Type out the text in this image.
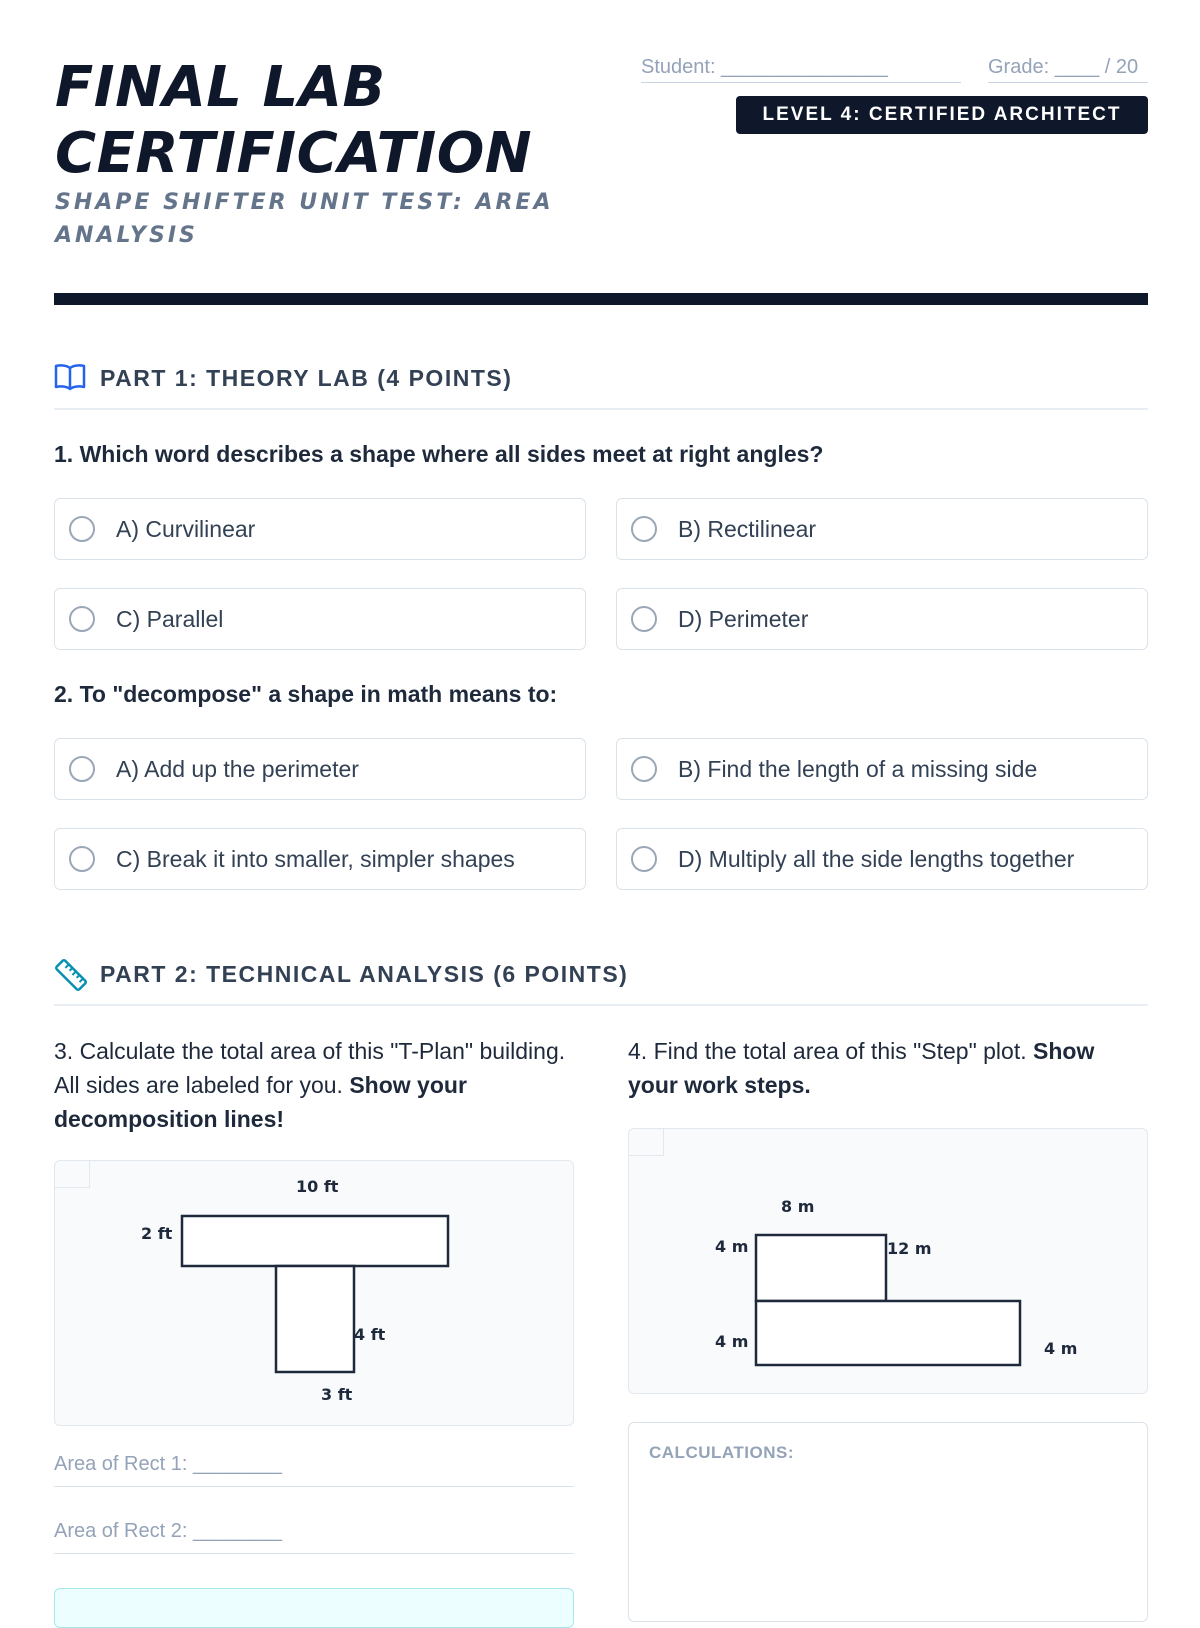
FINAL LAB
CERTIFICATION
SHAPE SHIFTER UNIT TEST: AREA
ANALYSIS
Student: _______________	Grade: ____ / 20
LEVEL 4: CERTIFIED ARCHITECT
PART 1: THEORY LAB (4 POINTS)
1. Which word describes a shape where all sides meet at right angles?
A) Curvilinear	B) Rectilinear
C) Parallel	D) Perimeter
2. To "decompose" a shape in math means to:
A) Add up the perimeter	B) Find the length of a missing side
C) Break it into smaller, simpler shapes	D) Multiply all the side lengths together
PART 2: TECHNICAL ANALYSIS (6 POINTS)
3. Calculate the total area of this "T-Plan" building. All sides are labeled for you. Show your decomposition lines!
10 ft
2 ft
4 ft
3 ft
Area of Rect 1: ________
Area of Rect 2: ________
4. Find the total area of this "Step" plot. Show your work steps.
8 m
4 m	12 m
4 m	4 m
CALCULATIONS:
